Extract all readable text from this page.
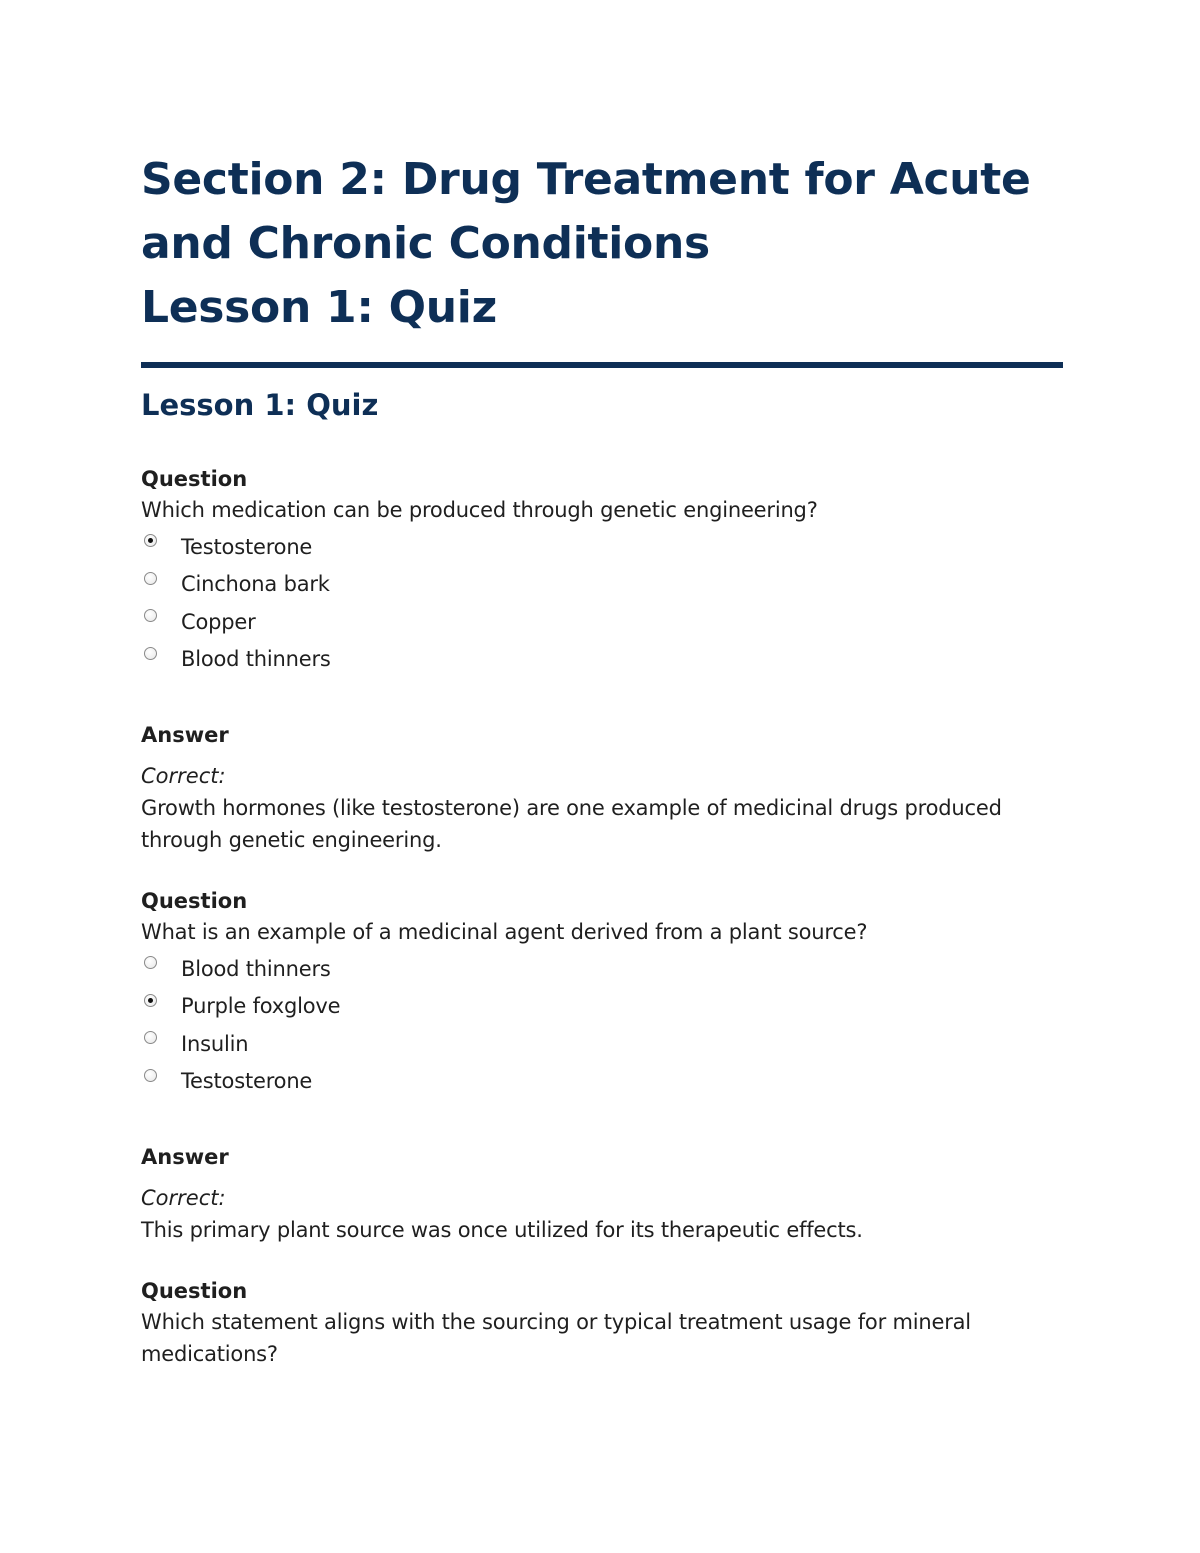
Section 2: Drug Treatment for Acute
and Chronic Conditions
Lesson 1: Quiz
Lesson 1: Quiz
Question
Which medication can be produced through genetic engineering?
Testosterone
Cinchona bark
Copper
Blood thinners
Answer
Correct:
Growth hormones (like testosterone) are one example of medicinal drugs produced through genetic engineering.
Question
What is an example of a medicinal agent derived from a plant source?
Blood thinners
Purple foxglove
Insulin
Testosterone
Answer
Correct:
This primary plant source was once utilized for its therapeutic effects.
Question
Which statement aligns with the sourcing or typical treatment usage for mineral medications?
